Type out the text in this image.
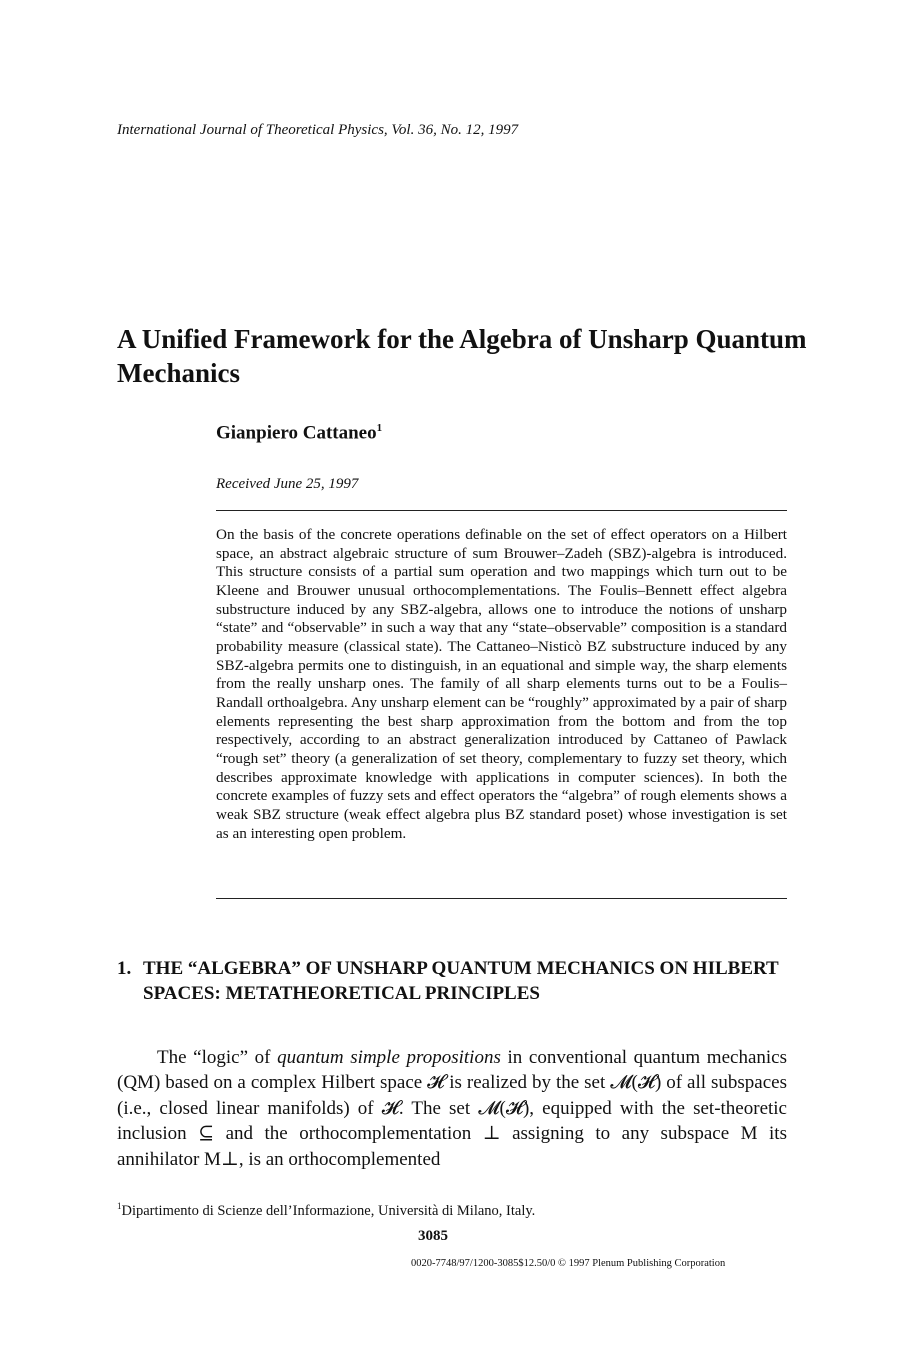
International Journal of Theoretical Physics, Vol. 36, No. 12, 1997
A Unified Framework for the Algebra of Unsharp Quantum Mechanics
Gianpiero Cattaneo$^1$
Received June 25, 1997

On the basis of the concrete operations definable on the set of effect operators on a Hilbert space, an abstract algebraic structure of sum Brouwer–Zadeh (SBZ)-algebra is introduced. This structure consists of a partial sum operation and two mappings which turn out to be Kleene and Brouwer unusual orthocomplementations. The Foulis–Bennett effect algebra substructure induced by any SBZ-algebra, allows one to introduce the notions of unsharp “state” and “observable” in such a way that any “state–observable” composition is a standard probability measure (classical state). The Cattaneo–Nisticò BZ substructure induced by any SBZ-algebra permits one to distinguish, in an equational and simple way, the sharp elements from the really unsharp ones. The family of all sharp elements turns out to be a Foulis–Randall orthoalgebra. Any unsharp element can be “roughly” approximated by a pair of sharp elements representing the best sharp approximation from the bottom and from the top respectively, according to an abstract generalization introduced by Cattaneo of Pawlack “rough set” theory (a generalization of set theory, complementary to fuzzy set theory, which describes approximate knowledge with applications in computer sciences). In both the concrete examples of fuzzy sets and effect operators the “algebra” of rough elements shows a weak SBZ structure (weak effect algebra plus BZ standard poset) whose investigation is set as an interesting open problem.

1. THE “ALGEBRA” OF UNSHARP QUANTUM MECHANICS ON HILBERT SPACES: METATHEORETICAL PRINCIPLES

The “logic” of quantum simple propositions in conventional quantum mechanics (QM) based on a complex Hilbert space 𝓗 is realized by the set 𝓜(𝓗) of all subspaces (i.e., closed linear manifolds) of 𝓗. The set 𝓜(𝓗), equipped with the set-theoretic inclusion ⊆ and the orthocomplementation ⊥ assigning to any subspace M its annihilator M⊥, is an orthocomplemented

$^1$Dipartimento di Scienze dell’Informazione, Università di Milano, Italy.
3085
0020-7748/97/1200-3085$12.50/0 © 1997 Plenum Publishing Corporation
